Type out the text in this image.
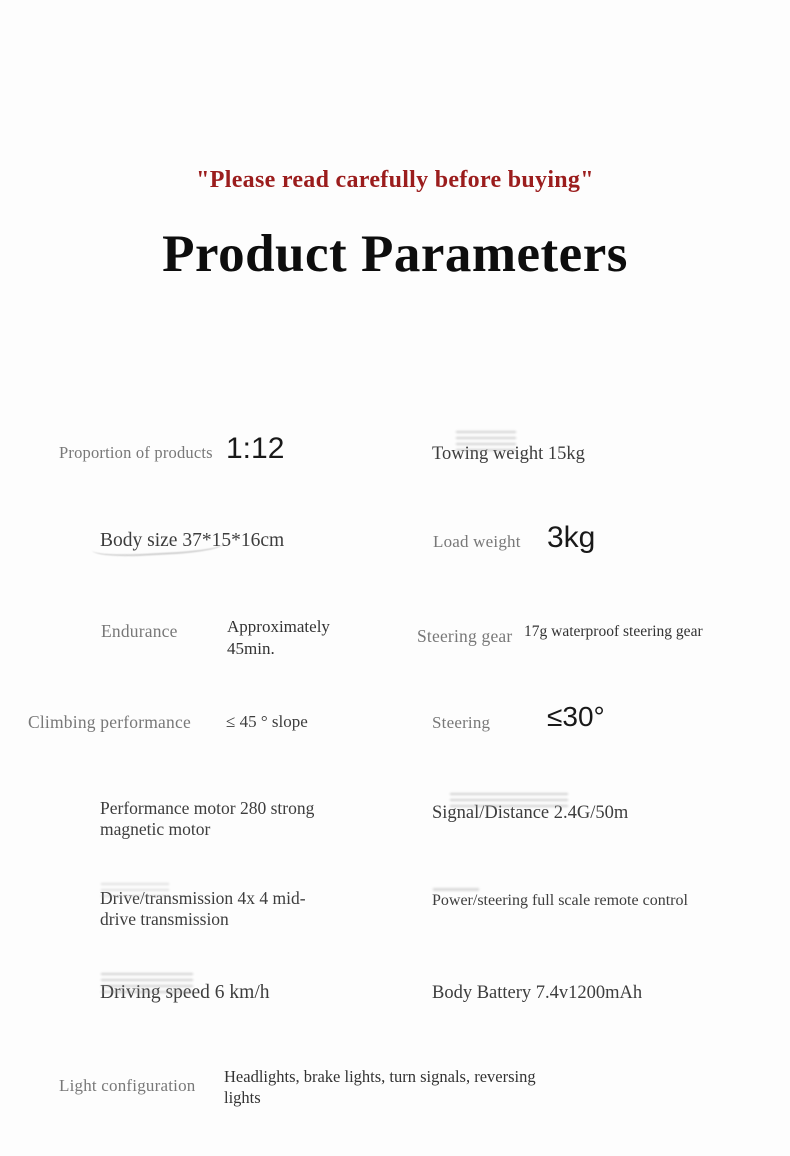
"Please read carefully before buying"
Product Parameters
Proportion of products 1:12
Body size 37*15*16cm
Endurance	Approximately 45min.
Climbing performance ≤ 45 ° slope
Performance motor 280 strong magnetic motor
Drive/transmission 4x 4 mid-drive transmission
Driving speed 6 km/h
Light configuration Headlights, brake lights, turn signals, reversing lights
Towing weight 15kg
Load weight 3kg
Steering gear 17g waterproof steering gear
Steering ≤30°
Signal/Distance 2.4G/50m
Power/steering full scale remote control
Body Battery 7.4v1200mAh
